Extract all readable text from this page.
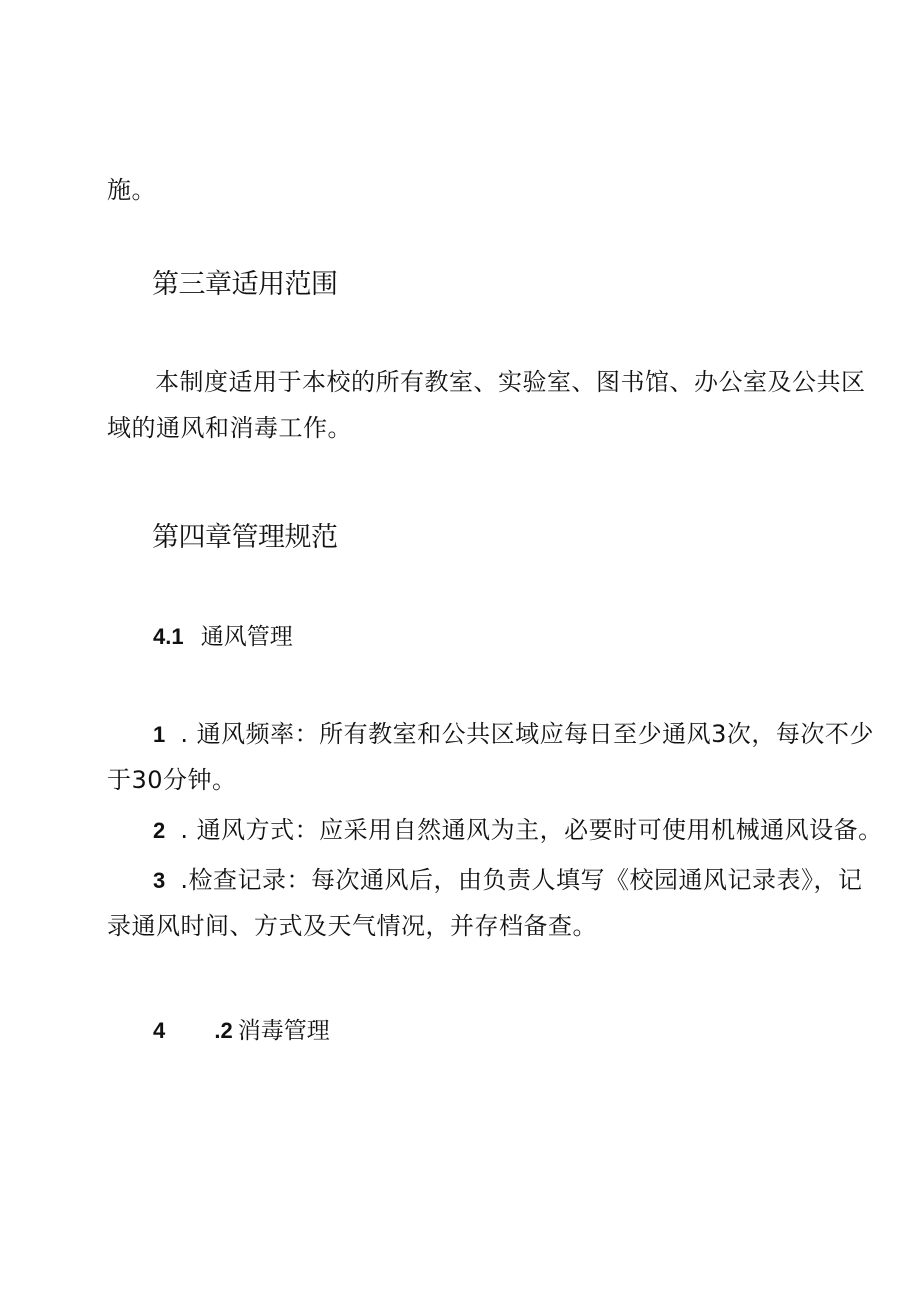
施。
第三章适用范围
本制度适用于本校的所有教室、实验室、图书馆、办公室及公共区
域的通风和消毒工作。
第四章管理规范
4.1 通风管理
1 . 通风频率：所有教室和公共区域应每日至少通风3次，每次不少
于30分钟。
2 . 通风方式：应采用自然通风为主，必要时可使用机械通风设备。
3 .检查记录：每次通风后，由负责人填写《校园通风记录表》，记
录通风时间、方式及天气情况，并存档备查。
4 .2 消毒管理
